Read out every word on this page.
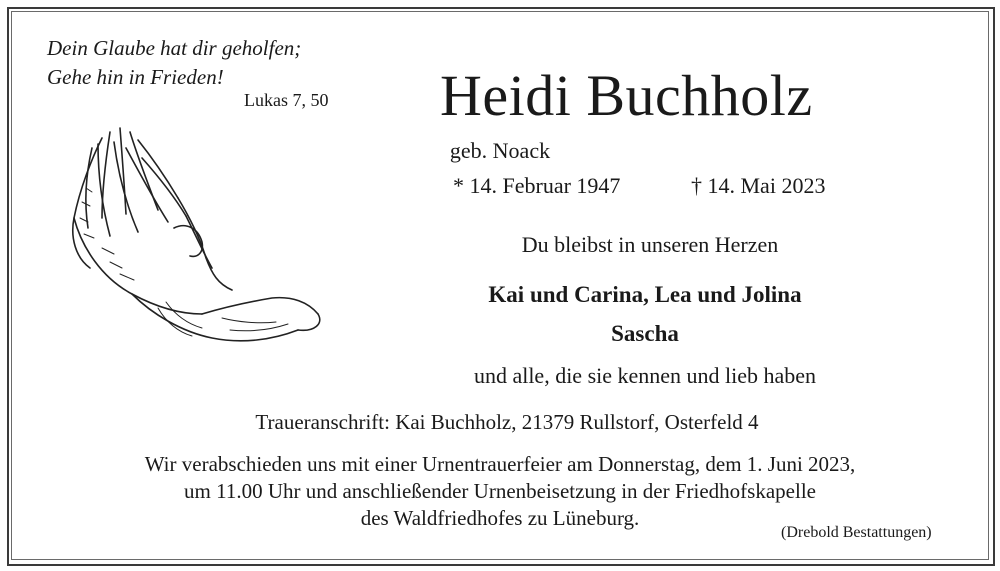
Dein Glaube hat dir geholfen;
Gehe hin in Frieden!
Lukas 7, 50 Heidi Buchholz
geb. Noack
* 14. Februar 1947	† 14. Mai 2023
Du bleibst in unseren Herzen
Kai und Carina, Lea und Jolina
Sascha
und alle, die sie kennen und lieb haben
Traueranschrift: Kai Buchholz, 21379 Rullstorf, Osterfeld 4
Wir verabschieden uns mit einer Urnentrauerfeier am Donnerstag, dem 1. Juni 2023,
um 11.00 Uhr und anschließender Urnenbeisetzung in der Friedhofskapelle
des Waldfriedhofes zu Lüneburg.
(Drebold Bestattungen)
